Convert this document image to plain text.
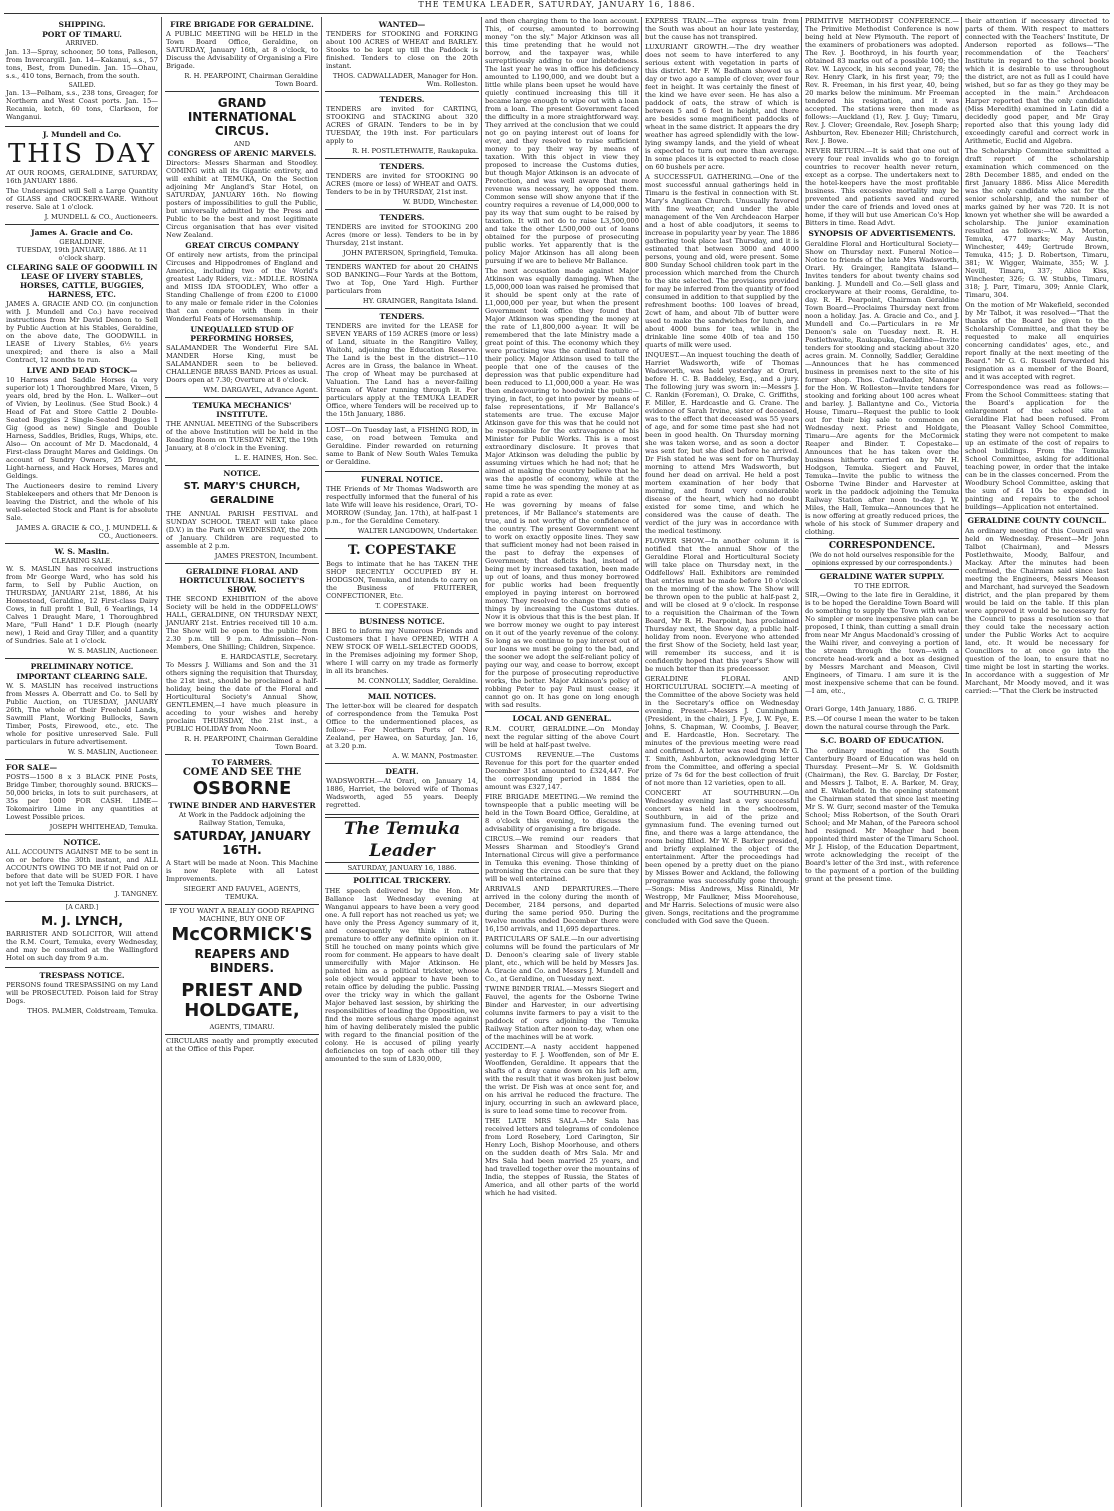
THE TEMUKA LEADER, SATURDAY, JANUARY 16, 1886.
SHIPPING.
PORT OF TIMARU.
ARRIVED.

Jan. 13—Spray, schooner, 50 tons, Palleson, from Invercargill. Jan. 14—Kakanui, s.s., 57 tons, Best, from Dunedin. Jan. 15—Ohau, s.s., 410 tons, Bernach, from the south.

SAILED.

Jan. 13—Pelham, s.s., 238 tons, Greager, for Northern and West Coast ports. Jan. 15—Recamia, ketch, 60 tons, Clarkson, for Wanganui.

J. Mundell and Co.
THIS DAY

AT OUR ROOMS, GERALDINE, SATURDAY, 16th JANUARY 1886.

The Undersigned will Sell a Large Quantity of GLASS and CROCKERY-WARE. Without reserve. Sale at 1 o'clock.

J. MUNDELL & CO., Auctioneers.
James A. Gracie and Co.
GERALDINE.
TUESDAY, 19th JANUARY, 1886. At 11 o'clock sharp.
CLEARING SALE OF GOODWILL IN LEASE OF LIVERY STABLES, HORSES, CATTLE, BUGGIES, HARNESS, ETC.

JAMES A. GRACIE AND CO. (in conjunction with J. Mundell and Co.) have received instructions from Mr David Denoon to Sell by Public Auction at his Stables, Geraldine, on the above date, The GOODWILL in LEASE of Livery Stables, 6½ years unexpired; and there is also a Mail Contract, 12 months to run.

LIVE AND DEAD STOCK—

10 Harness and Saddle Horses (a very superior lot) 1 Thoroughbred Mare, Vixen, 5 years old, bred by the Hon. L. Walker—out of Vivien, by Leolinus. (See Stud Book.) 4 Head of Fat and Store Cattle 2 Double-Seated Buggies 2 Single-Seated Buggies 1 Gig (good as new) Single and Double Harness, Saddles, Bridles, Rugs, Whips, etc. Also— On account of Mr D. Macdonald, 4 First-class Draught Mares and Geldings. On account of Sundry Owners, 25 Draught, Light-harness, and Hack Horses, Mares and Geldings.

The Auctioneers desire to remind Livery Stablekeepers and others that Mr Denoon is leaving the District, and the whole of his well-selected Stock and Plant is for absolute Sale.

JAMES A. GRACIE & CO., J. MUNDELL & CO., Auctioneers.
W. S. Maslin.
CLEARING SALE.

W. S. MASLIN has received instructions from Mr George Ward, who has sold his farm, to Sell by Public Auction, on THURSDAY, JANUARY 21st, 1886, At his Homestead, Geraldine, 12 First-class Dairy Cows, in full profit 1 Bull, 6 Yearlings, 14 Calves 1 Draught Mare, 1 Thoroughbred Mare, "Full Hand" 1 D.F. Plough (nearly new), 1 Reid and Gray Tiller, and a quantity of Sundries. Sale at 1 o'clock.

W. S. MASLIN, Auctioneer.
PRELIMINARY NOTICE.
IMPORTANT CLEARING SALE.

W. S. MASLIN has received instructions from Messrs A. Oberratt and Co. to Sell by Public Auction, on TUESDAY, JANUARY 26th, The whole of their Freehold Lands, Sawmill Plant, Working Bullocks, Sawn Timber, Posts, Firewood, etc., etc. The whole for positive unreserved Sale. Full particulars in future advertisement.

W. S. MASLIN, Auctioneer.
FOR SALE—

POSTS—1500 8 x 3 BLACK PINE Posts, Bridge Timber, thoroughly sound. BRICKS—50,000 bricks, in lots to suit purchasers, at 35s per 1000 FOR CASH. LIME—Tokomairiro Lime in any quantities at Lowest Possible prices.

JOSEPH WHITEHEAD, Temuka.
NOTICE.

ALL ACCOUNTS AGAINST ME to be sent in on or before the 30th instant, and ALL ACCOUNTS OWING TO ME if not Paid on or before that date will be SUED FOR. I have not yet left the Temuka District.

J. TANGNEY.
[A CARD.]
M. J. LYNCH,

BARRISTER AND SOLICITOR, Will attend the R.M. Court, Temuka, every Wednesday, and may be consulted at the Wallingford Hotel on such day from 9 a.m.

TRESPASS NOTICE.

PERSONS found TRESPASSING on my Land will be PROSECUTED. Poison laid for Stray Dogs.

THOS. PALMER, Coldstream, Temuka.
FIRE BRIGADE FOR GERALDINE.

A PUBLIC MEETING will be HELD in the Town Board Office, Geraldine, on SATURDAY, January 16th, at 8 o'clock, to Discuss the Advisability of Organising a Fire Brigade.

R. H. PEARPOINT, Chairman Geraldine Town Board.
GRAND INTERNATIONAL CIRCUS.
AND
CONGRESS OF ARENIC MARVELS.

Directors: Messrs Sharman and Stoodley. COMING with all its Gigantic entirety, and will exhibit at TEMUKA, On the Section adjoining Mr Angland's Star Hotel, on SATURDAY, JANUARY 16th. No flowing posters of impossibilities to gull the Public, but universally admitted by the Press and Public to be the best and most legitimate Circus organisation that has ever visited New Zealand.

GREAT CIRCUS COMPANY

Of entirely new artists, from the principal Circuses and Hippodromes of England and America, including two of the World's greatest Lady Riders, viz.: MDLLE. ROSINA and MISS IDA STOODLEY, Who offer a Standing Challenge of from £200 to £1000 to any male or female rider in the Colonies that can compete with them in their Wonderful Feats of Horsemanship.

UNEQUALLED STUD OF PERFORMING HORSES,

SALAMANDER The Wonderful Fire SAL MANDER Horse King, must be SALAMANDER seen to be believed. CHALLENGE BRASS BAND. Prices as usual. Doors open at 7.30; Overture at 8 o'clock.

WM. DARGAVEL, Advance Agent.
TEMUKA MECHANICS' INSTITUTE.

THE ANNUAL MEETING of the Subscribers of the above Institution will be held in the Reading Room on TUESDAY NEXT, the 19th January, at 8 o'clock in the Evening.

L. E. HAINES, Hon. Sec.
NOTICE.
ST. MARY'S CHURCH, GERALDINE

THE ANNUAL PARISH FESTIVAL and SUNDAY SCHOOL TREAT will take place (D.V.) in the Park on WEDNESDAY, the 20th of January. Children are requested to assemble at 2 p.m.

JAMES PRESTON, Incumbent.
GERALDINE FLORAL AND HORTICULTURAL SOCIETY'S SHOW.

THE SECOND EXHIBITION of the above Society will be held in the ODDFELLOWS' HALL, GERALDINE, ON THURSDAY NEXT, JANUARY 21st. Entries received till 10 a.m. The Show will be open to the public from 2.30 p.m. till 9 p.m. Admission—Non-Members, One Shilling; Children, Sixpence.

E. HARDCASTLE, Secretary.

To Messrs J. Williams and Son and the 31 others signing the requisition that Thursday, the 21st inst., should be proclaimed a half-holiday, being the date of the Floral and Horticultural Society's Annual Show, GENTLEMEN,—I have much pleasure in acceding to your wishes and hereby proclaim THURSDAY, the 21st inst., a PUBLIC HOLIDAY from Noon.

R. H. PEARPOINT, Chairman Geraldine Town Board.
TO FARMERS.
COME AND SEE THE
OSBORNE
TWINE BINDER AND HARVESTER

At Work in the Paddock adjoining the Railway Station, Temuka,

SATURDAY, JANUARY 16TH.

A Start will be made at Noon. This Machine is now Replete with all Latest Improvements.

SIEGERT AND FAUVEL, AGENTS, TEMUKA.

IF YOU WANT A REALLY GOOD REAPING MACHINE, BUY ONE OF

McCORMICK'S
REAPERS AND BINDERS.
PRIEST AND HOLDGATE,
AGENTS, TIMARU.

CIRCULARS neatly and promptly executed at the Office of this Paper.

WANTED—

TENDERS for STOOKING and FORKING about 100 ACRES of WHEAT and BARLEY. Stooks to be kept up till the Paddock is finished. Tenders to close on the 20th instant.

THOS. CADWALLADER, Manager for Hon. Wm. Rolleston.
TENDERS.

TENDERS are invited for CARTING, STOOKING and STACKING about 320 ACRES of GRAIN. Tenders to be in by TUESDAY, the 19th inst. For particulars apply to

R. H. POSTLETHWAITE, Raukapuka.
TENDERS.

TENDERS are invited for STOOKING 90 ACRES (more or less) of WHEAT and OATS. Tenders to be in by THURSDAY, 21st inst.

W. BUDD, Winchester.
TENDERS.

TENDERS are invited for STOOKING 200 Acres (more or less). Tenders to be in by Thursday, 21st instant.

JOHN PATERSON, Springfield, Temuka.

TENDERS WANTED for about 20 CHAINS SOD BANKING—Four Yards at the Bottom, Two at Top, One Yard High. Further particulars from

HY. GRAINGER, Rangitata Island.
TENDERS.

TENDERS are invited for the LEASE for SEVEN YEARS of 159 ACRES (more or less) of Land, situate in the Rangitiro Valley, Waitohi, adjoining the Education Reserve. The Land is the best in the district—110 Acres are in Grass, the balance in Wheat. The crop of Wheat may be purchased at Valuation. The Land has a never-failing Stream of Water running through it. For particulars apply at the TEMUKA LEADER Office, where Tenders will be received up to the 15th January, 1886.

LOST—On Tuesday last, a FISHING ROD, in case, on road between Temuka and Geraldine. Finder rewarded on returning same to Bank of New South Wales Temuka or Geraldine.

FUNERAL NOTICE.

THE Friends of Mr Thomas Wadsworth are respectfully informed that the funeral of his late Wife will leave his residence, Orari, TO-MORROW (Sunday, Jan. 17th), at half-past 1 p.m., for the Geraldine Cemetery.

WALTER LANGDOWN, Undertaker.
T. COPESTAKE

Begs to intimate that he has TAKEN THE SHOP RECENTLY OCCUPIED BY H. HODGSON, Temuka, and intends to carry on the Business of FRUITERER, CONFECTIONER, Etc.

T. COPESTAKE.
BUSINESS NOTICE.

I BEG to inform my Numerous Friends and Customers that I have OPENED, WITH A NEW STOCK OF WELL-SELECTED GOODS, in the Premises adjoining my former Shop, where I will carry on my trade as formerly in all its branches.

M. CONNOLLY, Saddler, Geraldine.
MAIL NOTICES.

The letter-box will be cleared for despatch of correspondence from the Temuka Post Office to the undermentioned places, as follow:— For Northern Ports of New Zealand, per Hawea, on Saturday, Jan. 16, at 3.20 p.m.

A. W. MANN, Postmaster.
DEATH.

WADSWORTH.—At Orari, on January 14, 1886, Harriet, the beloved wife of Thomas Wadsworth, aged 55 years. Deeply regretted.

The Temuka Leader
SATURDAY, JANUARY 16, 1886.
POLITICAL TRICKERY.

THE speech delivered by the Hon. Mr Ballance last Wednesday evening at Wanganui appears to have been a very good one. A full report has not reached us yet; we have only the Press Agency summary of it, and consequently we think it rather premature to offer any definite opinion on it. Still he touched on many points which give room for comment. He appears to have dealt unmercifully with Major Atkinson. He painted him as a political trickster, whose sole object would appear to have been to retain office by deluding the public. Passing over the tricky way in which the gallant Major behaved last session, by shirking the responsibilities of leading the Opposition, we find the more serious charge made against him of having deliberately misled the public with regard to the financial position of the colony. He is accused of piling yearly deficiencies on top of each other till they amounted to the sum of L830,000,

and then charging them to the loan account. This, of course, amounted to borrowing money "on the sly." Major Atkinson was all this time pretending that he would not borrow, and the taxpayer was, while surreptitiously adding to our indebtedness. The last year he was in office his deficiency amounted to L190,000, and we doubt but a little while plans been upset he would have quietly continued increasing this till it became large enough to wipe out with a loan from a loan. The present Government faced the difficulty in a more straightforward way. They arrived at the conclusion that we could not go on paying interest out of loans for ever, and they resolved to raise sufficient money to pay their way by means of taxation. With this object in view they proposed to increase the Customs duties, but though Major Atkinson is an advocate of Protection, and was well aware that more revenue was necessary, he opposed them. Common sense will show anyone that if the country requires a revenue of L4,000,000 to pay its way that sum ought to be raised by taxation. It will not do to raise L3,500,000 and take the other L500,000 out of loans obtained for the purpose of prosecuting public works. Yet apparently that is the policy Major Atkinson has all along been pursuing if we are to believe Mr Ballance.

The next accusation made against Major Atkinson was equally damaging. When the L5,000,000 loan was raised he promised that it should be spent only at the rate of L1,000,000 per year, but when the present Government took office they found that Major Atkinson was spending the money at the rate of L1,800,000 a-year. It will be remembered that the late Ministry made a great point of this. The economy which they were practising was the cardinal feature of their policy. Major Atkinson used to tell the people that one of the causes of the depression was that public expenditure had been reduced to L1,000,000 a year. He was then endeavouring to hoodwink the public—trying, in fact, to get into power by means of false representations, if Mr Ballance's statements are true. The excuse Major Atkinson gave for this was that he could not be responsible for the extravagance of his Minister for Public Works. This is a most extraordinary disclosure. It proves that Major Atkinson was deluding the public by assuming virtues which he had not; that he aimed at making the country believe that he was the apostle of economy, while at the same time he was spending the money at as rapid a rate as ever.

He was governing by means of false pretences, if Mr Ballance's statements are true, and is not worthy of the confidence of the country. The present Government went to work on exactly opposite lines. They saw that sufficient money had not been raised in the past to defray the expenses of Government; that deficits had, instead of being met by increased taxation, been made up out of loans, and thus money borrowed for public works had been frequently employed in paying interest on borrowed money. They resolved to change that state of things by increasing the Customs duties. Now it is obvious that this is the best plan. If we borrow money we ought to pay interest on it out of the yearly revenue of the colony. So long as we continue to pay interest out of our loans we must be going to the bad, and the sooner we adopt the self-reliant policy of paying our way, and cease to borrow, except for the purpose of prosecuting reproductive works, the better. Major Atkinson's policy of robbing Peter to pay Paul must cease; it cannot go on. It has gone on long enough with sad results.

LOCAL AND GENERAL.

R.M. COURT, GERALDINE.—On Monday next the regular sitting of the above Court will be held at half-past twelve.

CUSTOMS REVENUE.—The Customs Revenue for this port for the quarter ended December 31st amounted to £324,447. For the corresponding period in 1884 the amount was £327,147.

FIRE BRIGADE MEETING.—We remind the townspeople that a public meeting will be held in the Town Board Office, Geraldine, at 8 o'clock this evening, to discuss the advisability of organising a fire brigade.

CIRCUS.—We remind our readers that Messrs Sharman and Stoodley's Grand International Circus will give a performance in Temuka this evening. Those thinking of patronising the circus can be sure that they will be well entertained.

ARRIVALS AND DEPARTURES.—There arrived in the colony during the month of December, 2184 persons, and departed during the same period 950. During the twelve months ended December there were 16,150 arrivals, and 11,695 departures.

PARTICULARS OF SALE.—In our advertising columns will be found the particulars of Mr D. Denoon's clearing sale of livery stable plant, etc., which will be held by Messrs Jas. A. Gracie and Co. and Messrs J. Mundell and Co., at Geraldine, on Tuesday next.

TWINE BINDER TRIAL.—Messrs Siegert and Fauvel, the agents for the Osborne Twine Binder and Harvester, in our advertising columns invite farmers to pay a visit to the paddock of ours adjoining the Temuka Railway Station after noon to-day, when one of the machines will be at work.

ACCIDENT.—A nasty accident happened yesterday to F. J. Wooffenden, son of Mr E. Wooffenden, Geraldine. It appears that the shafts of a dray came down on his left arm, with the result that it was broken just below the wrist. Dr Fish was at once sent for, and on his arrival he reduced the fracture. The injury, occurring in such an awkward place, is sure to lead some time to recover from.

THE LATE MRS SALA.—Mr Sala has received letters and telegrams of condolence from Lord Rosebery, Lord Carington, Sir Henry Loch, Bishop Moorhouse, and others on the sudden death of Mrs Sala. Mr and Mrs Sala had been married 25 years, and had travelled together over the mountains of India, the steppes of Russia, the States of America, and all other parts of the world which he had visited.

EXPRESS TRAIN.—The express train from the South was about an hour late yesterday, but the cause has not transpired.

LUXURIANT GROWTH.—The dry weather does not seem to have interfered to any serious extent with vegetation in parts of this district. Mr F. W. Badham showed us a day or two ago a sample of clover, over four feet in height. It was certainly the finest of the kind we have ever seen. He has also a paddock of oats, the straw of which is between 5 and 6 feet in height, and there are besides some magnificent paddocks of wheat in the same district. It appears the dry weather has agreed splendidly with the low-lying swampy lands, and the yield of wheat is expected to turn out more than average. In some places it is expected to reach close on 60 bushels per acre.

A SUCCESSFUL GATHERING.—One of the most successful annual gatherings held in Timaru is the festival in connection with St. Mary's Anglican Church. Unusually favored with fine weather, and under the able management of the Ven Archdeacon Harper and a host of able coadjutors, it seems to increase in popularity year by year. The 1886 gathering took place last Thursday, and it is estimated that between 3000 and 4000 persons, young and old, were present. Some 800 Sunday School children took part in the procession which marched from the Church to the site selected. The provisions provided for may be inferred from the quantity of food consumed in addition to that supplied by the refreshment booths: 100 loaves of bread, 2cwt of ham, and about 7lb of butter were used to make the sandwiches for lunch, and about 4000 buns for tea, while in the drinkable line some 40lb of tea and 150 quarts of milk were used.

INQUEST.—An inquest touching the death of Harriet Wadsworth, wife of Thomas Wadsworth, was held yesterday at Orari, before H. C. B. Baddeley, Esq., and a jury. The following jury was sworn in:—Messrs J. C. Rankin (Foreman), O. Drake, C. Griffiths, F. Miller, E. Hardcastle and G. Crane. The evidence of Sarah Irvine, sister of deceased, was to the effect that deceased was 55 years of age, and for some time past she had not been in good health. On Thursday morning she was taken worse, and as soon a doctor was sent for, but she died before he arrived. Dr Fish stated he was sent for on Thursday morning to attend Mrs Wadsworth, but found her dead on arrival. He held a post mortem examination of her body that morning, and found very considerable disease of the heart, which had no doubt existed for some time, and which he considered was the cause of death. The verdict of the jury was in accordance with the medical testimony.

FLOWER SHOW.—In another column it is notified that the annual Show of the Geraldine Floral and Horticultural Society will take place on Thursday next, in the Oddfellows' Hall. Exhibitors are reminded that entries must be made before 10 o'clock on the morning of the show. The Show will be thrown open to the public at half-past 2, and will be closed at 9 o'clock. In response to a requisition the Chairman of the Town Board, Mr R. H. Pearpoint, has proclaimed Thursday next, the Show day, a public half-holiday from noon. Everyone who attended the first Show of the Society, held last year, will remember its success, and it is confidently hoped that this year's Show will be much better than its predecessor.

GERALDINE FLORAL AND HORTICULTURAL SOCIETY.—A meeting of the Committee of the above Society was held in the Secretary's office on Wednesday evening. Present—Messrs J. Cunningham (President, in the chair), J. Fye, J. W. Fye, E. Johns, S. Chapman, W. Coombs, J. Beaver, and E. Hardcastle, Hon. Secretary. The minutes of the previous meeting were read and confirmed. A letter was read from Mr G. T. Smith, Ashburton, acknowledging letter from the Committee, and offering a special prize of 7s 6d for the best collection of fruit of not more than 12 varieties, open to all.

CONCERT AT SOUTHBURN.—On Wednesday evening last a very successful concert was held in the schoolroom, Southburn, in aid of the prize and gymnasium fund. The evening turned out fine, and there was a large attendance, the room being filled. Mr W. F. Barker presided, and briefly explained the object of the entertainment. After the proceedings had been opened by a pretty duet on the piano by Misses Bower and Ackland, the following programme was successfully gone through:—Songs: Miss Andrews, Miss Rinaldi, Mr Westropp, Mr Faulkner, Miss Moorehouse, and Mr Harris. Selections of music were also given. Songs, recitations and the programme concluded with God save the Queen.

PRIMITIVE METHODIST CONFERENCE.—The Primitive Methodist Conference is now being held at New Plymouth. The report of the examiners of probationers was adopted. The Rev. J. Boothroyd, in his fourth year, obtained 83 marks out of a possible 100; the Rev. W. Laycock, in his second year, 78; the Rev. Henry Clark, in his first year, 79; the Rev. R. Freeman, in his first year, 40, being 20 marks below the minimum. Mr Freeman tendered his resignation, and it was accepted. The stations were then made as follows:—Auckland (1), Rev. J. Guy; Timaru, Rev. J. Clover; Greendale, Rev. Joseph Sharp; Ashburton, Rev. Ebenezer Hill; Christchurch, Rev. J. Bowe.

NEVER RETURN.—It is said that one out of every four real invalids who go to foreign countries to recover health never return, except as a corpse. The undertakers next to the hotel-keepers have the most profitable business. This excessive mortality may be prevented and patients saved and cured under the care of friends and loved ones at home, if they will but use American Co's Hop Bitters in time. Read Advt.

SYNOPSIS OF ADVERTISEMENTS.

Geraldine Floral and Horticultural Society—Show on Thursday next. Funeral Notice—Notice to friends of the late Mrs Wadsworth, Orari. Hy. Grainger, Rangitata Island—Invites tenders for about twenty chains sod banking. J. Mundell and Co.—Sell glass and crockeryware at their rooms, Geraldine, to-day. R. H. Pearpoint, Chairman Geraldine Town Board—Proclaims Thursday next from noon a holiday. Jas. A. Gracie and Co., and J. Mundell and Co.—Particulars in re Mr Denoon's sale on Tuesday next. R. H. Postlethwaite, Raukapuka, Geraldine—Invite tenders for stooking and stacking about 320 acres grain. M. Connolly, Saddler, Geraldine—Announces that he has commenced business in premises next to the site of his former shop. Thos. Cadwallader, Manager for the Hon. W. Rolleston—Invite tenders for stooking and forking about 100 acres wheat and barley. J. Ballantyne and Co., Victoria House, Timaru—Request the public to look out for their big sale to commence on Wednesday next. Priest and Holdgate, Timaru—Are agents for the McCormick Reaper and Binder. T. Copestake—Announces that he has taken over the business hitherto carried on by Mr H. Hodgson, Temuka. Siegert and Fauvel, Temuka—Invite the public to witness the Osborne Twine Binder and Harvester at work in the paddock adjoining the Temuka Railway Station after noon to-day. J. W. Miles, the Hall, Temuka—Announces that he is now offering at greatly reduced prices, the whole of his stock of Summer drapery and clothing.

CORRESPONDENCE.

(We do not hold ourselves responsible for the opinions expressed by our correspondents.)

GERALDINE WATER SUPPLY.
TO THE EDITOR.

SIR,—Owing to the late fire in Geraldine, it is to be hoped the Geraldine Town Board will do something to supply the Town with water. No simpler or more inexpensive plan can be proposed, I think, than cutting a small drain from near Mr Angus Macdonald's crossing of the Waihi river, and conveying a portion of the stream through the town—with a concrete head-work and a box as designed by Messrs Marchant and Meason, Civil Engineers, of Timaru. I am sure it is the most inexpensive scheme that can be found.—I am, etc.,

C. G. TRIPP.

Orari Gorge, 14th January, 1886.

P.S.—Of course I mean the water to be taken down the natural course through the Park.

S.C. BOARD OF EDUCATION.

The ordinary meeting of the South Canterbury Board of Education was held on Thursday. Present—Mr S. W. Goldsmith (Chairman), the Rev. G. Barclay, Dr Foster, and Messrs J. Talbot, E. A. Barker, M. Gray, and E. Wakefield. In the opening statement the Chairman stated that since last meeting Mr S. W. Gurr, second master of the Temuka School; Miss Robertson, of the South Orari School; and Mr Mahan, of the Pareora school had resigned. Mr Meagher had been appointed third master of the Timaru School. Mr J. Hislop, of the Education Department, wrote acknowledging the receipt of the Board's letter of the 3rd inst., with reference to the payment of a portion of the building grant at the present time.

their attention if necessary directed to parts of them. With respect to matters connected with the Teachers' Institute, Dr Anderson reported as follows—"The recommendation of the Teachers' Institute in regard to the school books which it is desirable to use throughout the district, are not as full as I could have wished, but so far as they go they may be accepted in the main." Archdeacon Harper reported that the only candidate (Miss Meredith) examined in Latin did a decidedly good paper, and Mr Gray reported also that this young lady did exceedingly careful and correct work in Arithmetic, Euclid and Algebra.

The Scholarship Committee submitted a draft report of the scholarship examination which commenced on the 28th December 1885, and ended on the first January 1886. Miss Alice Meredith was the only candidate who sat for the senior scholarship, and the number of marks gained by her was 720. It is not known yet whether she will be awarded a scholarship. The junior examination resulted as follows:—W. A. Morton, Temuka, 477 marks; May Austin, Winchester, 449; Gertrude Brown, Temuka, 415; J. D. Robertson, Timaru, 381; W. Wigger, Waimate, 355; W. J. Nevill, Timaru, 337; Alice Kiss, Winchester, 326; G. W. Stubbs, Timaru, 318; J. Parr, Timaru, 309; Annie Clark, Timaru, 304.

On the motion of Mr Wakefield, seconded by Mr Talbot, it was resolved—"That the thanks of the Board be given to the Scholarship Committee, and that they be requested to make all enquiries concerning candidates' ages, etc., and report finally at the next meeting of the Board." Mr G. G. Russell forwarded his resignation as a member of the Board, and it was accepted with regret.

Correspondence was read as follows:—From the School Committees: stating that the Board's application for the enlargement of the school site at Geraldine Flat had been refused. From the Pleasant Valley School Committee, stating they were not competent to make up an estimate of the cost of repairs to school buildings. From the Temuka School Committee, asking for additional teaching power, in order that the intake can be in the classes concerned. From the Woodbury School Committee, asking that the sum of £4 10s be expended in painting and repairs to the school buildings—Application not entertained.

GERALDINE COUNTY COUNCIL.

An ordinary meeting of this Council was held on Wednesday. Present—Mr John Talbot (Chairman), and Messrs Postlethwaite, Moody, Balfour, and Mackay. After the minutes had been confirmed, the Chairman said since last meeting the Engineers, Messrs Meason and Marchant, had surveyed the Seadown district, and the plan prepared by them would be laid on the table. If this plan were approved it would be necessary for the Council to pass a resolution so that they could take the necessary action under the Public Works Act to acquire land, etc. It would be necessary for Councillors to at once go into the question of the loan, to ensure that no time might be lost in starting the works. In accordance with a suggestion of Mr Marchant, Mr Moody moved, and it was carried:—"That the Clerk be instructed
